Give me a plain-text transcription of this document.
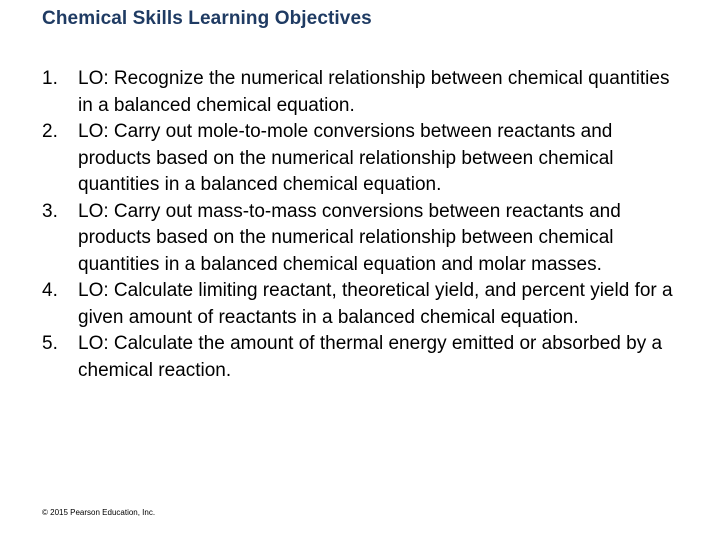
Chemical Skills Learning Objectives
1. LO: Recognize the numerical relationship between chemical quantities in a balanced chemical equation.
2. LO: Carry out mole-to-mole conversions between reactants and products based on the numerical relationship between chemical quantities in a balanced chemical equation.
3. LO: Carry out mass-to-mass conversions between reactants and products based on the numerical relationship between chemical quantities in a balanced chemical equation and molar masses.
4. LO: Calculate limiting reactant, theoretical yield, and percent yield for a given amount of reactants in a balanced chemical equation.
5. LO: Calculate the amount of thermal energy emitted or absorbed by a chemical reaction.
© 2015 Pearson Education, Inc.
